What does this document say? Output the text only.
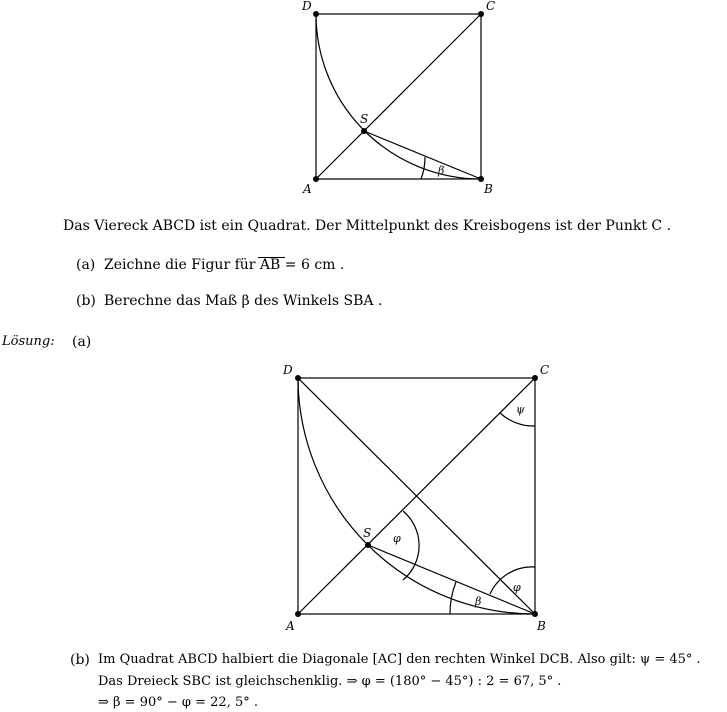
D	C
S
A	B
β
D	C
S
A	B
ψ
φ
φ
β
Das Viereck ABCD ist ein Quadrat. Der Mittelpunkt des Kreisbogens ist der Punkt C .
(a) Zeichne die Figur für AB = 6 cm .
(b) Berechne das Maß β des Winkels SBA .
Lösung: (a)
(b) Im Quadrat ABCD halbiert die Diagonale [AC] den rechten Winkel DCB. Also gilt: ψ = 45° .
Das Dreieck SBC ist gleichschenklig. ⇒ φ = (180° − 45°) : 2 = 67, 5° .
⇒ β = 90° − φ = 22, 5° .
